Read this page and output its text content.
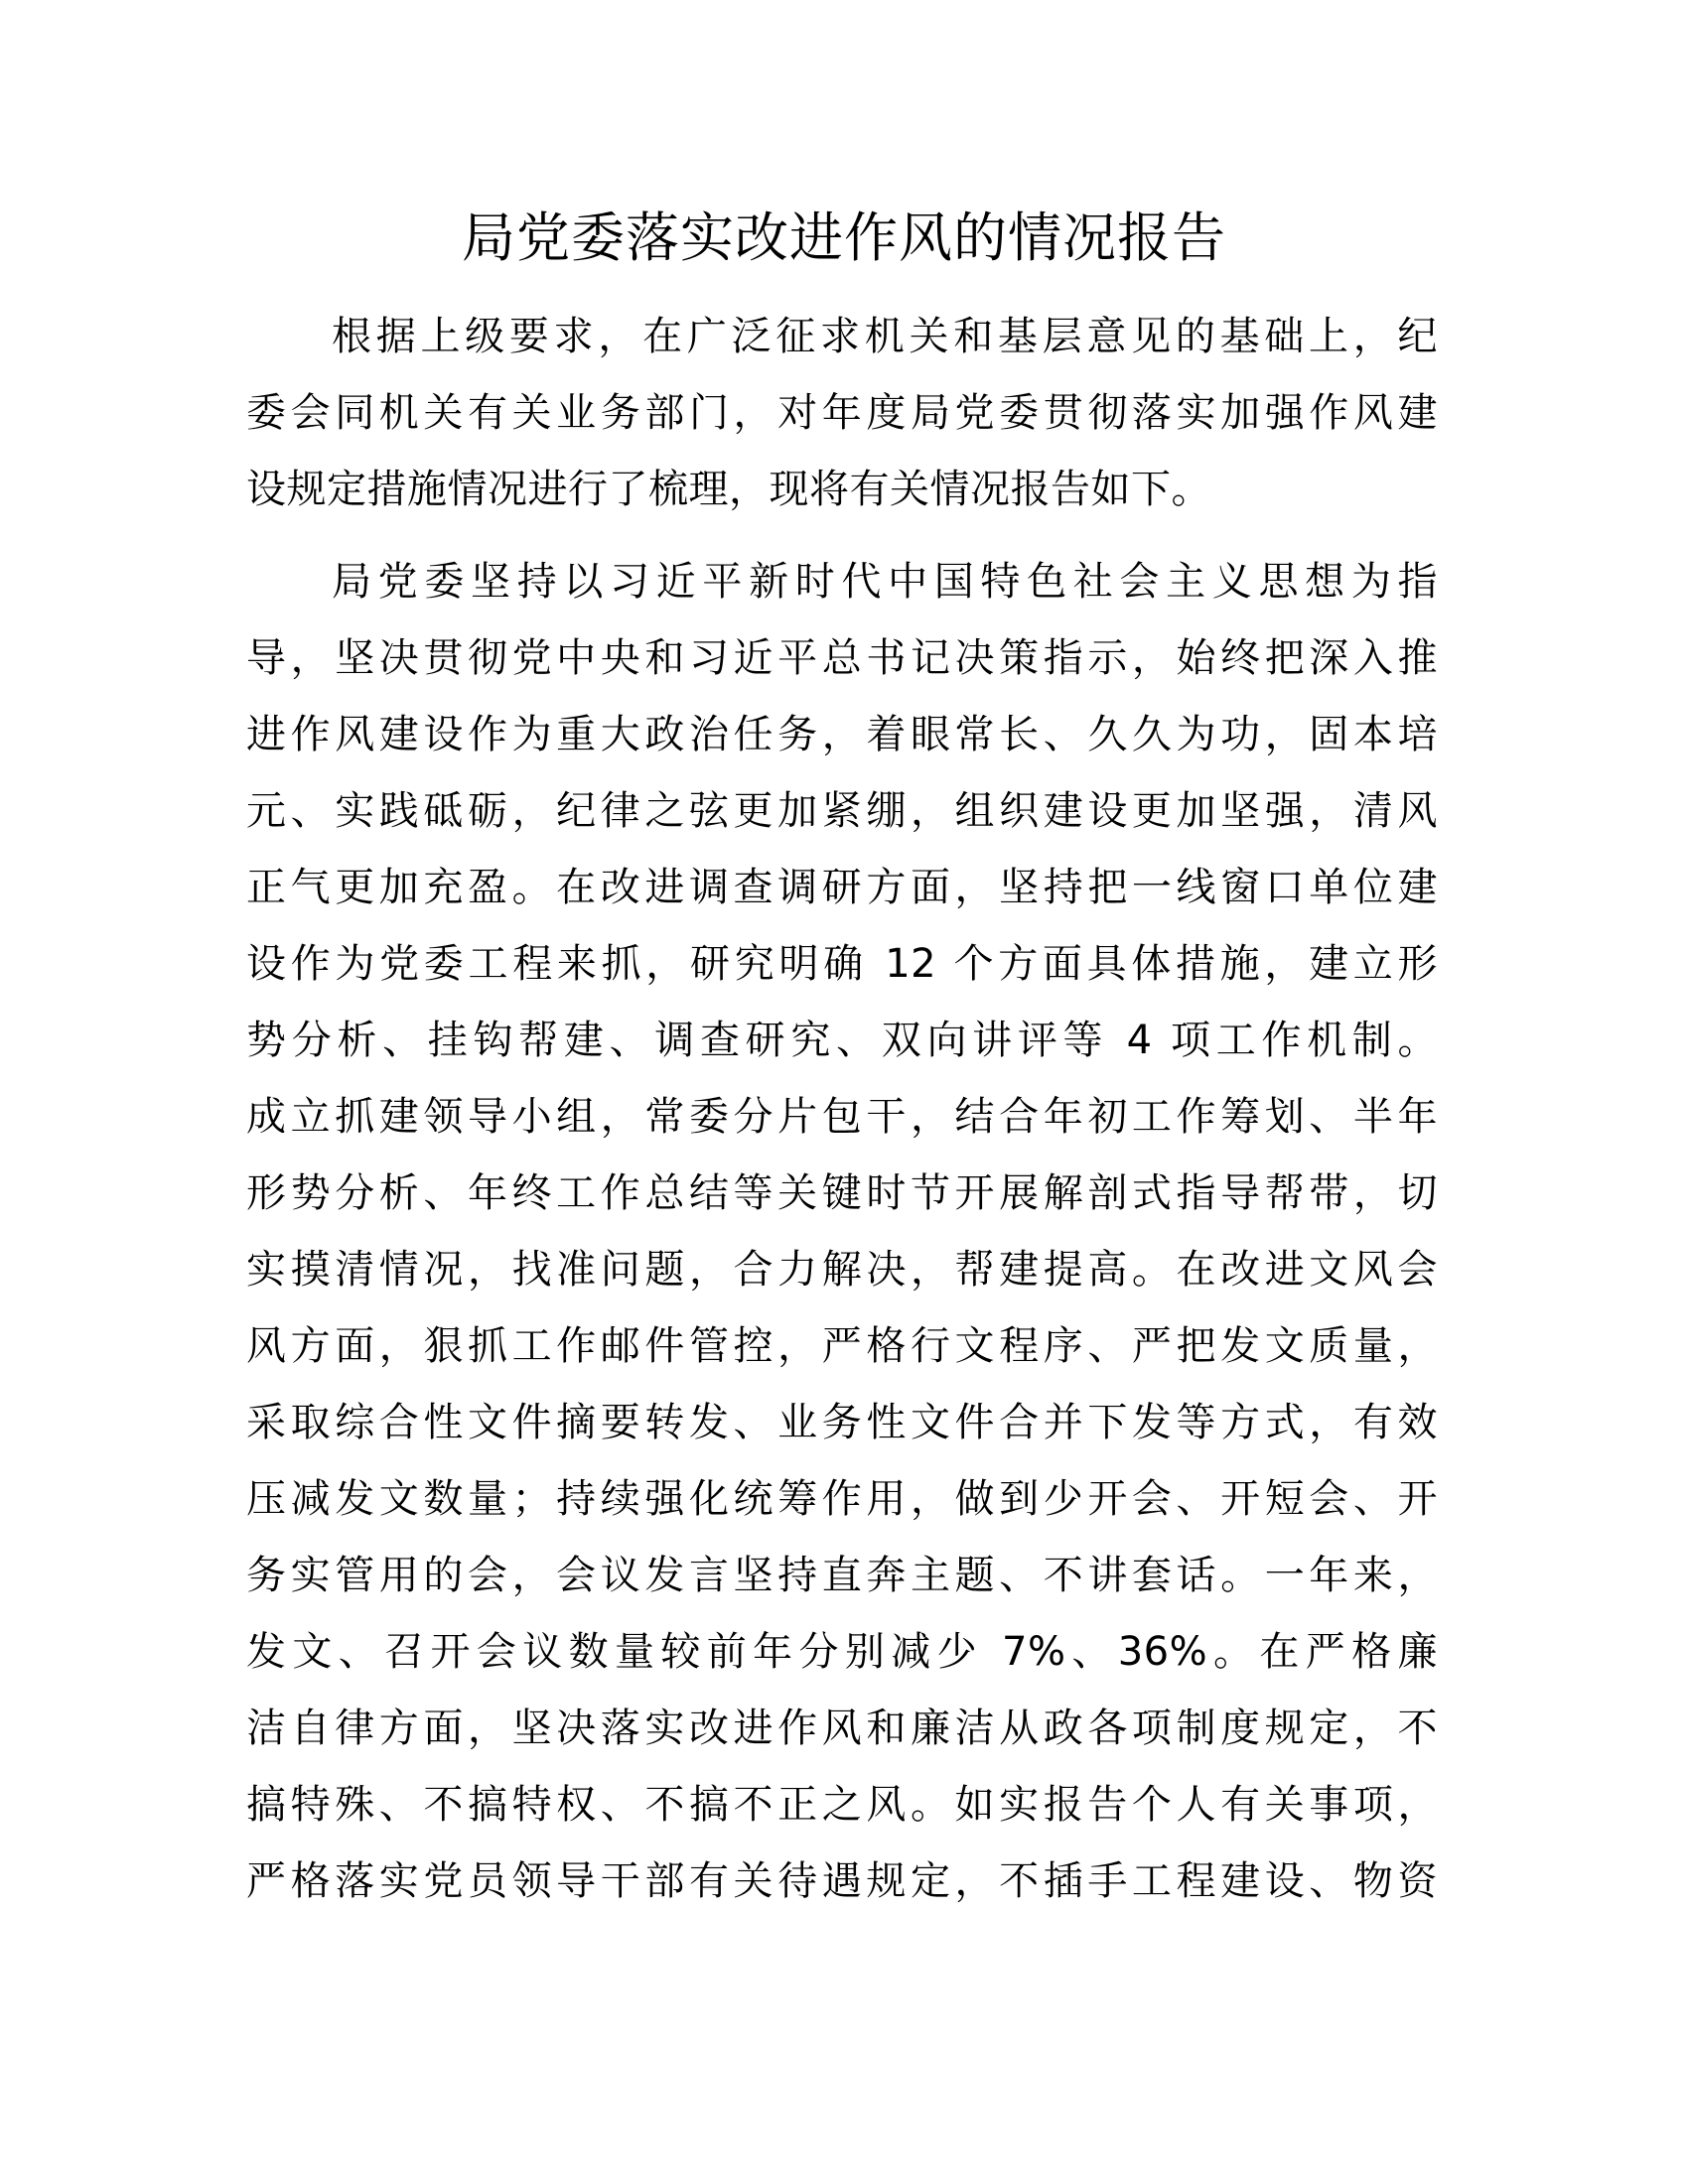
局党委落实改进作风的情况报告

根据上级要求，在广泛征求机关和基层意见的基础上，纪
委会同机关有关业务部门，对年度局党委贯彻落实加强作风建
设规定措施情况进行了梳理，现将有关情况报告如下。

局党委坚持以习近平新时代中国特色社会主义思想为指
导，坚决贯彻党中央和习近平总书记决策指示，始终把深入推
进作风建设作为重大政治任务，着眼常长、久久为功，固本培
元、实践砥砺，纪律之弦更加紧绷，组织建设更加坚强，清风
正气更加充盈。在改进调查调研方面，坚持把一线窗口单位建
设作为党委工程来抓，研究明确 12 个方面具体措施，建立形
势分析、挂钩帮建、调查研究、双向讲评等 4 项工作机制。
成立抓建领导小组，常委分片包干，结合年初工作筹划、半年
形势分析、年终工作总结等关键时节开展解剖式指导帮带，切
实摸清情况，找准问题，合力解决，帮建提高。在改进文风会
风方面，狠抓工作邮件管控，严格行文程序、严把发文质量，
采取综合性文件摘要转发、业务性文件合并下发等方式，有效
压减发文数量；持续强化统筹作用，做到少开会、开短会、开
务实管用的会，会议发言坚持直奔主题、不讲套话。一年来，
发文、召开会议数量较前年分别减少 7%、36%。在严格廉
洁自律方面，坚决落实改进作风和廉洁从政各项制度规定，不
搞特殊、不搞特权、不搞不正之风。如实报告个人有关事项，
严格落实党员领导干部有关待遇规定，不插手工程建设、物资
